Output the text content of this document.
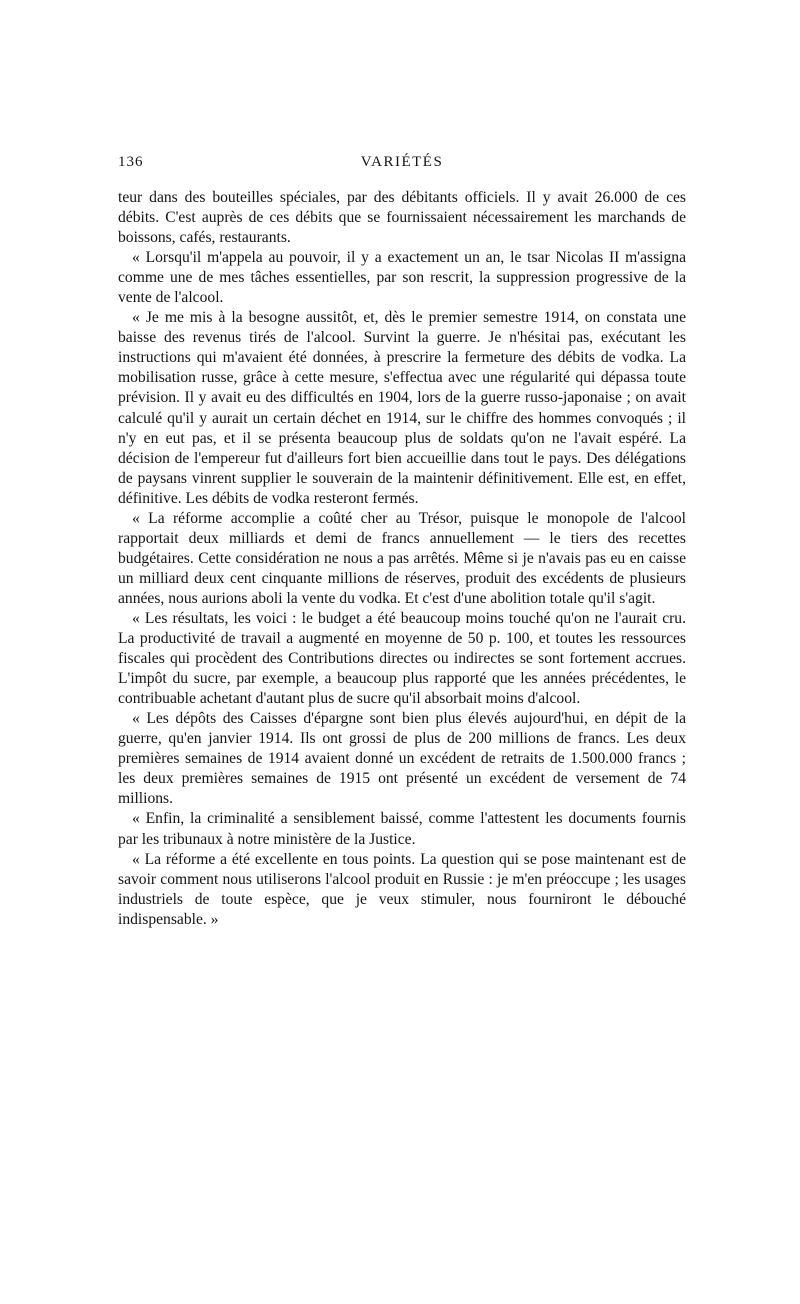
136	VARIÉTÉS

teur dans des bouteilles spéciales, par des débitants officiels. Il y avait 26.000 de ces débits. C'est auprès de ces débits que se fournissaient nécessairement les marchands de boissons, cafés, restaurants.

« Lorsqu'il m'appela au pouvoir, il y a exactement un an, le tsar Nicolas II m'assigna comme une de mes tâches essentielles, par son rescrit, la suppression progressive de la vente de l'alcool.

« Je me mis à la besogne aussitôt, et, dès le premier semestre 1914, on constata une baisse des revenus tirés de l'alcool. Survint la guerre. Je n'hésitai pas, exécutant les instructions qui m'avaient été données, à prescrire la fermeture des débits de vodka. La mobilisation russe, grâce à cette mesure, s'effectua avec une régularité qui dépassa toute prévision. Il y avait eu des difficultés en 1904, lors de la guerre russo-japonaise ; on avait calculé qu'il y aurait un certain déchet en 1914, sur le chiffre des hommes convoqués ; il n'y en eut pas, et il se présenta beaucoup plus de soldats qu'on ne l'avait espéré. La décision de l'empereur fut d'ailleurs fort bien accueillie dans tout le pays. Des délégations de paysans vinrent supplier le souverain de la maintenir définitivement. Elle est, en effet, définitive. Les débits de vodka resteront fermés.

« La réforme accomplie a coûté cher au Trésor, puisque le monopole de l'alcool rapportait deux milliards et demi de francs annuellement — le tiers des recettes budgétaires. Cette considération ne nous a pas arrêtés. Même si je n'avais pas eu en caisse un milliard deux cent cinquante millions de réserves, produit des excédents de plusieurs années, nous aurions aboli la vente du vodka. Et c'est d'une abolition totale qu'il s'agit.

« Les résultats, les voici : le budget a été beaucoup moins touché qu'on ne l'aurait cru. La productivité de travail a augmenté en moyenne de 50 p. 100, et toutes les ressources fiscales qui procèdent des Contributions directes ou indirectes se sont fortement accrues. L'impôt du sucre, par exemple, a beaucoup plus rapporté que les années précédentes, le contribuable achetant d'autant plus de sucre qu'il absorbait moins d'alcool.

« Les dépôts des Caisses d'épargne sont bien plus élevés aujourd'hui, en dépit de la guerre, qu'en janvier 1914. Ils ont grossi de plus de 200 millions de francs. Les deux premières semaines de 1914 avaient donné un excédent de retraits de 1.500.000 francs ; les deux premières semaines de 1915 ont présenté un excédent de versement de 74 millions.

« Enfin, la criminalité a sensiblement baissé, comme l'attestent les documents fournis par les tribunaux à notre ministère de la Justice.

« La réforme a été excellente en tous points. La question qui se pose maintenant est de savoir comment nous utiliserons l'alcool produit en Russie : je m'en préoccupe ; les usages industriels de toute espèce, que je veux stimuler, nous fourniront le débouché indispensable. »
